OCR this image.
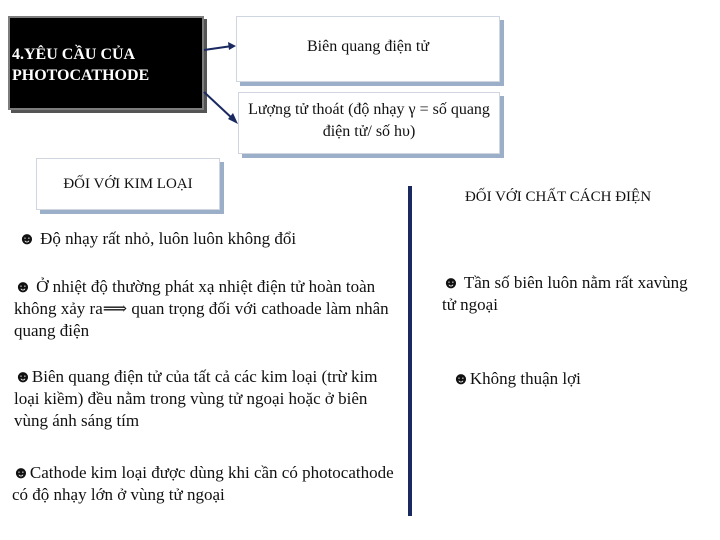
4.YÊU CẦU CỦA PHOTOCATHODE
Biên quang điện tử
Lượng tử thoát (độ nhạy γ = số quang điện tử/ số hυ)
ĐỐI VỚI KIM LOẠI
ĐỐI VỚI CHẤT CÁCH ĐIỆN
☻ Độ nhạy rất nhỏ, luôn luôn không đổi
☻ Ở nhiệt độ thường phát xạ nhiệt điện tử hoàn toàn không xảy ra⟹ quan trọng đối với cathoade làm nhân quang điện
☻Biên quang điện tử của tất cả các kim loại (trừ kim loại kiềm) đều nằm trong vùng tử ngoại hoặc ở biên vùng ánh sáng tím
☻Cathode kim loại được dùng khi cần có photocathode có độ nhạy lớn ở vùng tử ngoại
☻ Tần số biên luôn nằm rất xavùng tử ngoại
☻Không thuận lợi
